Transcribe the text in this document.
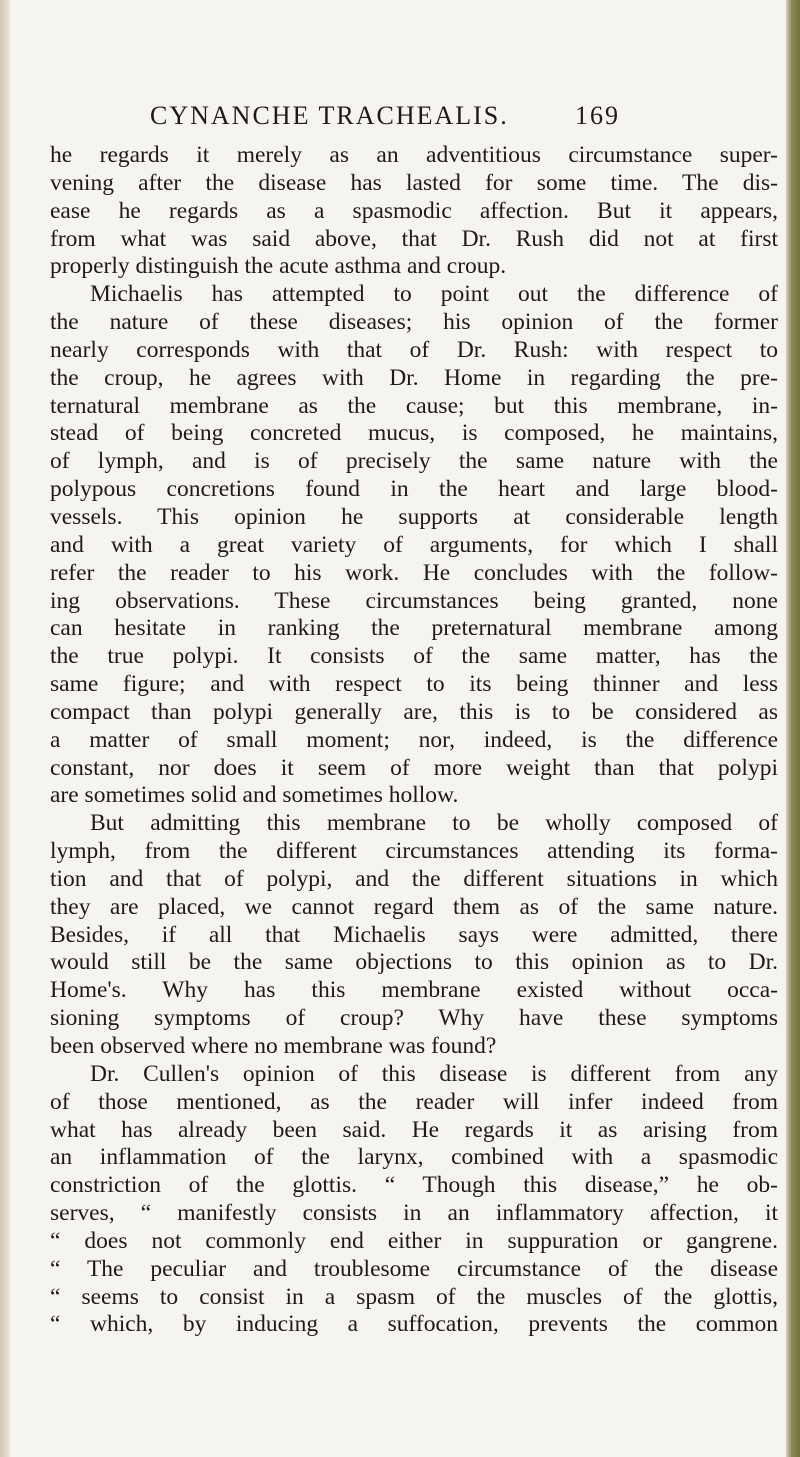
CYNANCHE TRACHEALIS.	169
he regards it merely as an adventitious circumstance super-
vening after the disease has lasted for some time. The dis-
ease he regards as a spasmodic affection. But it appears,
from what was said above, that Dr. Rush did not at first
properly distinguish the acute asthma and croup.
Michaelis has attempted to point out the difference of
the nature of these diseases; his opinion of the former
nearly corresponds with that of Dr. Rush: with respect to
the croup, he agrees with Dr. Home in regarding the pre-
ternatural membrane as the cause; but this membrane, in-
stead of being concreted mucus, is composed, he maintains,
of lymph, and is of precisely the same nature with the
polypous concretions found in the heart and large blood-
vessels. This opinion he supports at considerable length
and with a great variety of arguments, for which I shall
refer the reader to his work. He concludes with the follow-
ing observations. These circumstances being granted, none
can hesitate in ranking the preternatural membrane among
the true polypi. It consists of the same matter, has the
same figure; and with respect to its being thinner and less
compact than polypi generally are, this is to be considered as
a matter of small moment; nor, indeed, is the difference
constant, nor does it seem of more weight than that polypi
are sometimes solid and sometimes hollow.
But admitting this membrane to be wholly composed of
lymph, from the different circumstances attending its forma-
tion and that of polypi, and the different situations in which
they are placed, we cannot regard them as of the same nature.
Besides, if all that Michaelis says were admitted, there
would still be the same objections to this opinion as to Dr.
Home's. Why has this membrane existed without occa-
sioning symptoms of croup? Why have these symptoms
been observed where no membrane was found?
Dr. Cullen's opinion of this disease is different from any
of those mentioned, as the reader will infer indeed from
what has already been said. He regards it as arising from
an inflammation of the larynx, combined with a spasmodic
constriction of the glottis. “ Though this disease,” he ob-
serves, “ manifestly consists in an inflammatory affection, it
“ does not commonly end either in suppuration or gangrene.
“ The peculiar and troublesome circumstance of the disease
“ seems to consist in a spasm of the muscles of the glottis,
“ which, by inducing a suffocation, prevents the common
